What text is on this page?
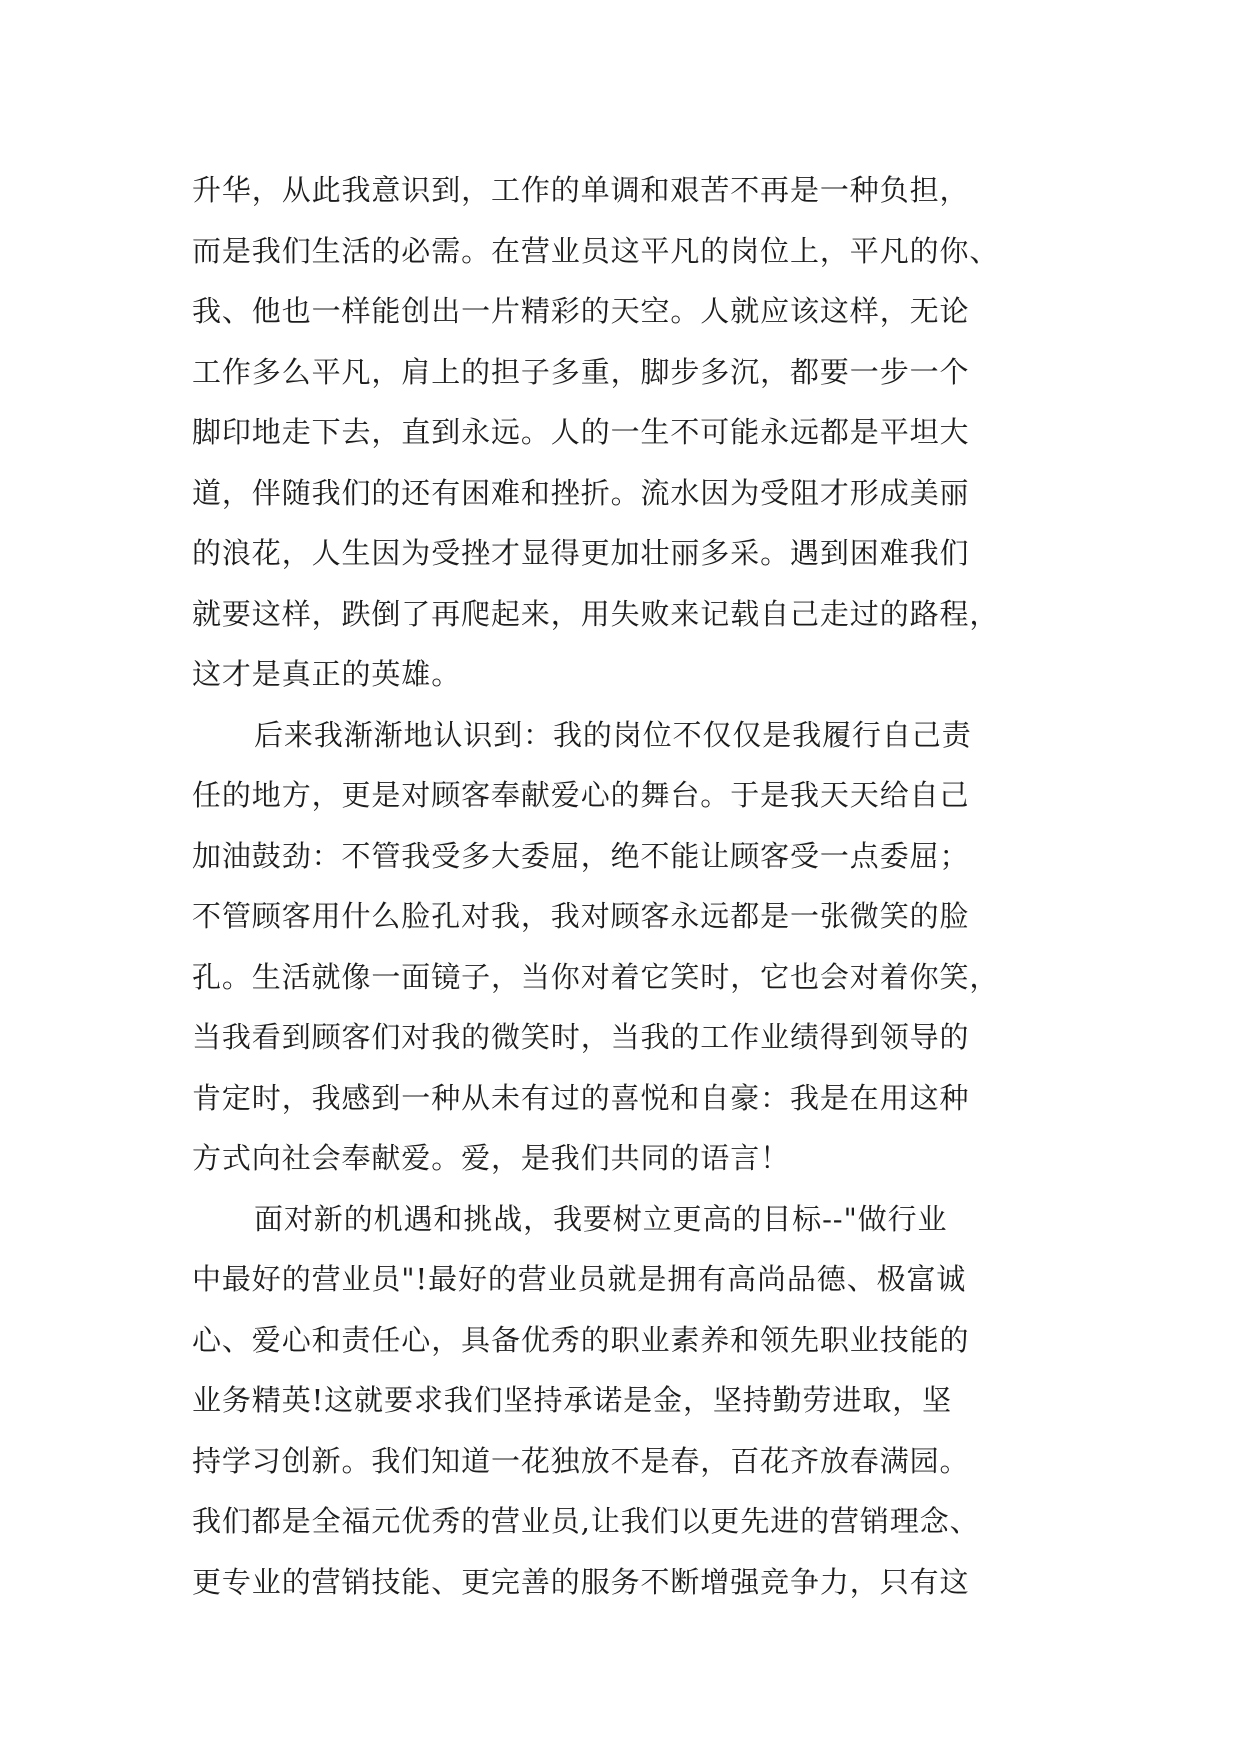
升华，从此我意识到，工作的单调和艰苦不再是一种负担，
而是我们生活的必需。在营业员这平凡的岗位上，平凡的你、
我、他也一样能创出一片精彩的天空。人就应该这样，无论
工作多么平凡，肩上的担子多重，脚步多沉，都要一步一个
脚印地走下去，直到永远。人的一生不可能永远都是平坦大
道，伴随我们的还有困难和挫折。流水因为受阻才形成美丽
的浪花，人生因为受挫才显得更加壮丽多采。遇到困难我们
就要这样，跌倒了再爬起来，用失败来记载自己走过的路程，
这才是真正的英雄。
后来我渐渐地认识到：我的岗位不仅仅是我履行自己责
任的地方，更是对顾客奉献爱心的舞台。于是我天天给自己
加油鼓劲：不管我受多大委屈，绝不能让顾客受一点委屈；
不管顾客用什么脸孔对我，我对顾客永远都是一张微笑的脸
孔。生活就像一面镜子，当你对着它笑时，它也会对着你笑，
当我看到顾客们对我的微笑时，当我的工作业绩得到领导的
肯定时，我感到一种从未有过的喜悦和自豪：我是在用这种
方式向社会奉献爱。爱，是我们共同的语言！
面对新的机遇和挑战，我要树立更高的目标--"做行业
中最好的营业员"!最好的营业员就是拥有高尚品德、极富诚
心、爱心和责任心，具备优秀的职业素养和领先职业技能的
业务精英!这就要求我们坚持承诺是金，坚持勤劳进取，坚
持学习创新。我们知道一花独放不是春，百花齐放春满园。
我们都是全福元优秀的营业员,让我们以更先进的营销理念、
更专业的营销技能、更完善的服务不断增强竞争力，只有这
